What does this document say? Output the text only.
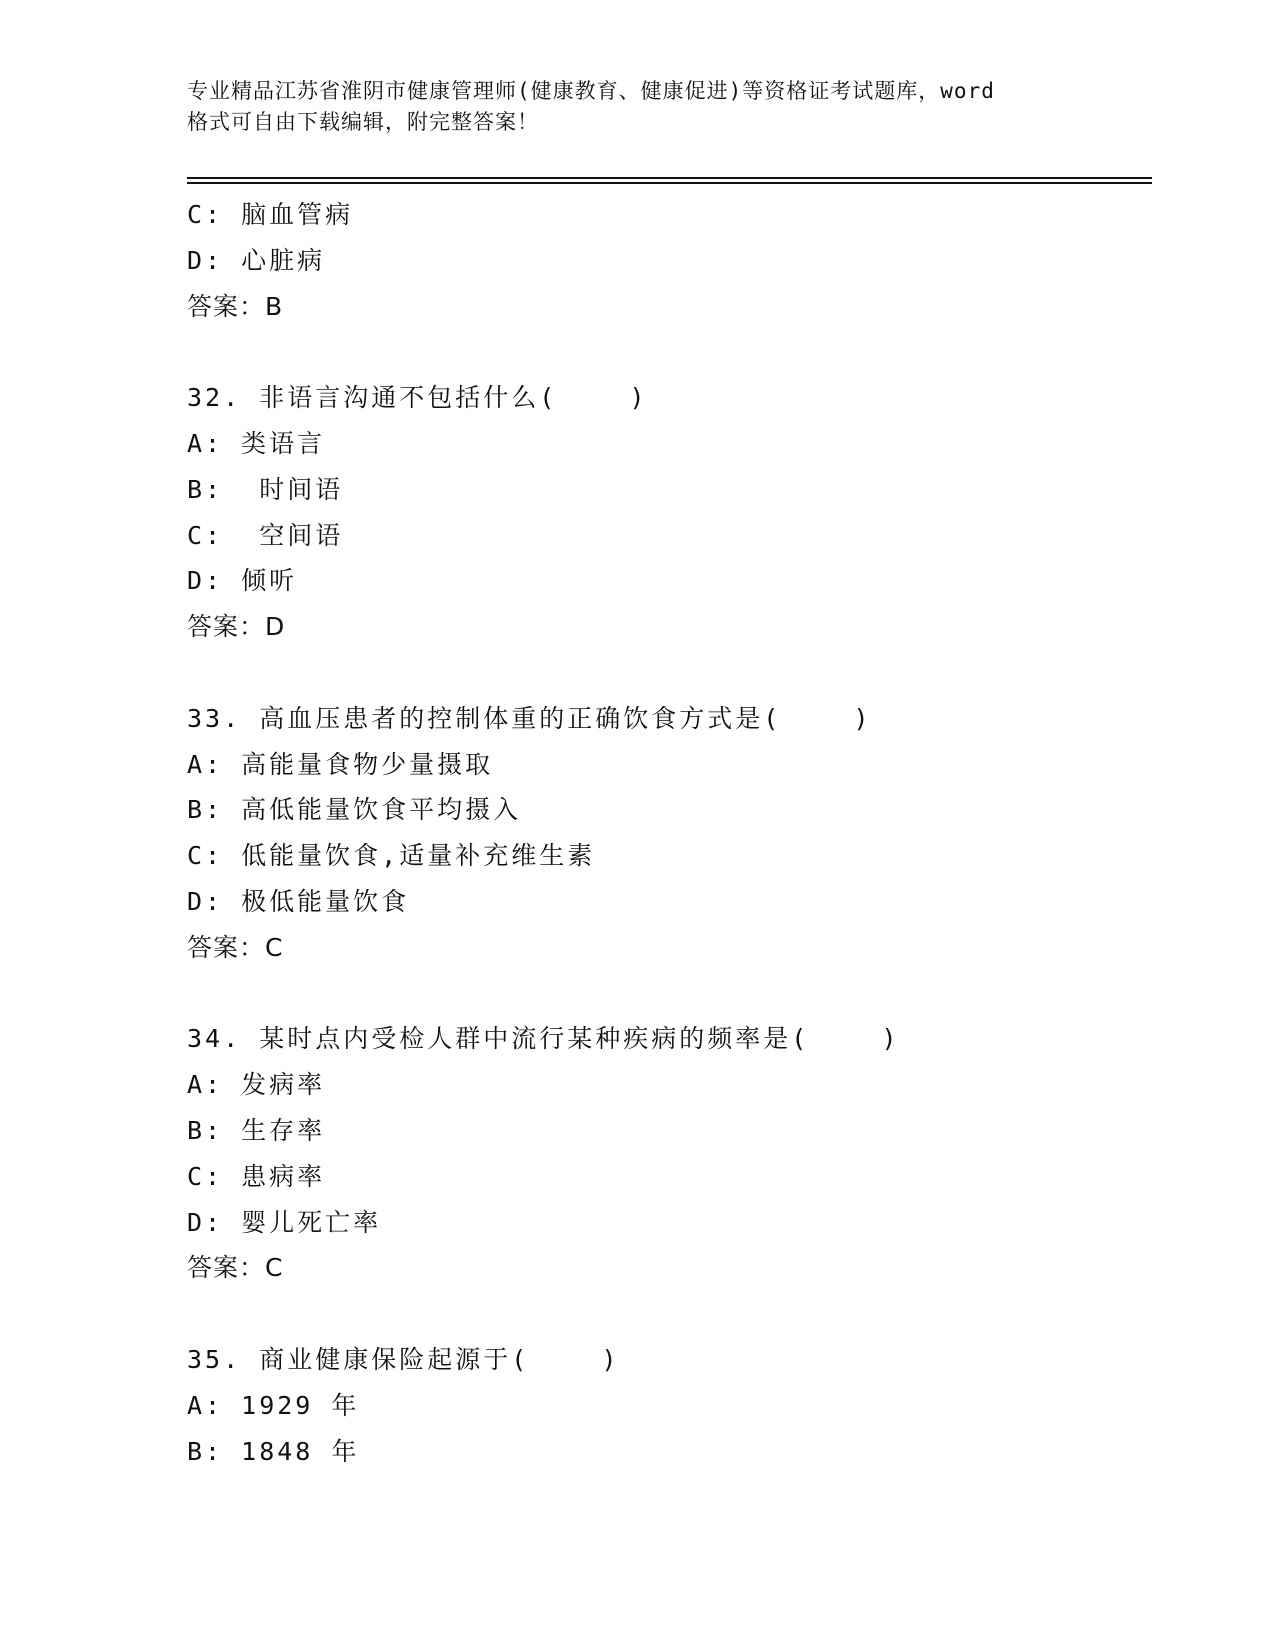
专业精品江苏省淮阴市健康管理师(健康教育、健康促进)等资格证考试题库，word
格式可自由下载编辑，附完整答案！
C: 脑血管病
D: 心脏病
答案：B
32. 非语言沟通不包括什么(    )
A: 类语言
B:  时间语
C:  空间语
D: 倾听
答案：D
33. 高血压患者的控制体重的正确饮食方式是(    )
A: 高能量食物少量摄取
B: 高低能量饮食平均摄入
C: 低能量饮食,适量补充维生素
D: 极低能量饮食
答案：C
34. 某时点内受检人群中流行某种疾病的频率是(    )
A: 发病率
B: 生存率
C: 患病率
D: 婴儿死亡率
答案：C
35. 商业健康保险起源于(    )
A: 1929 年
B: 1848 年
